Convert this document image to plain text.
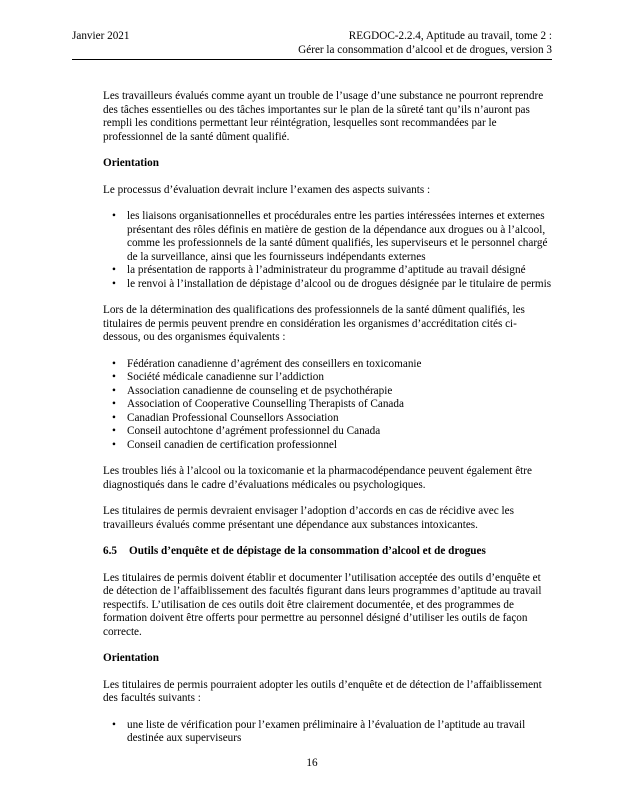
Janvier 2021	REGDOC-2.2.4, Aptitude au travail, tome 2 :
Gérer la consommation d’alcool et de drogues, version 3

Les travailleurs évalués comme ayant un trouble de l’usage d’une substance ne pourront reprendre des tâches essentielles ou des tâches importantes sur le plan de la sûreté tant qu’ils n’auront pas rempli les conditions permettant leur réintégration, lesquelles sont recommandées par le professionnel de la santé dûment qualifié.

Orientation

Le processus d’évaluation devrait inclure l’examen des aspects suivants :

• les liaisons organisationnelles et procédurales entre les parties intéressées internes et externes présentant des rôles définis en matière de gestion de la dépendance aux drogues ou à l’alcool, comme les professionnels de la santé dûment qualifiés, les superviseurs et le personnel chargé de la surveillance, ainsi que les fournisseurs indépendants externes
• la présentation de rapports à l’administrateur du programme d’aptitude au travail désigné
• le renvoi à l’installation de dépistage d’alcool ou de drogues désignée par le titulaire de permis

Lors de la détermination des qualifications des professionnels de la santé dûment qualifiés, les titulaires de permis peuvent prendre en considération les organismes d’accréditation cités ci-dessous, ou des organismes équivalents :

• Fédération canadienne d’agrément des conseillers en toxicomanie
• Société médicale canadienne sur l’addiction
• Association canadienne de counseling et de psychothérapie
• Association of Cooperative Counselling Therapists of Canada
• Canadian Professional Counsellors Association
• Conseil autochtone d’agrément professionnel du Canada
• Conseil canadien de certification professionnel

Les troubles liés à l’alcool ou la toxicomanie et la pharmacodépendance peuvent également être diagnostiqués dans le cadre d’évaluations médicales ou psychologiques.

Les titulaires de permis devraient envisager l’adoption d’accords en cas de récidive avec les travailleurs évalués comme présentant une dépendance aux substances intoxicantes.

6.5	Outils d’enquête et de dépistage de la consommation d’alcool et de drogues

Les titulaires de permis doivent établir et documenter l’utilisation acceptée des outils d’enquête et de détection de l’affaiblissement des facultés figurant dans leurs programmes d’aptitude au travail respectifs. L’utilisation de ces outils doit être clairement documentée, et des programmes de formation doivent être offerts pour permettre au personnel désigné d’utiliser les outils de façon correcte.

Orientation

Les titulaires de permis pourraient adopter les outils d’enquête et de détection de l’affaiblissement des facultés suivants :

• une liste de vérification pour l’examen préliminaire à l’évaluation de l’aptitude au travail destinée aux superviseurs
16
